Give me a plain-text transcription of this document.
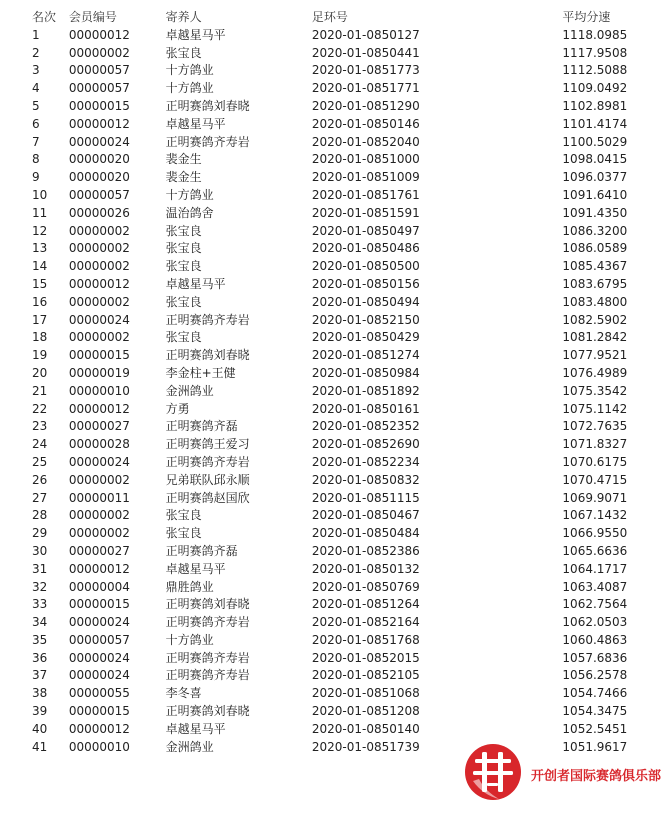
名次	会员编号	寄养人	足环号	平均分速
1	00000012	卓越星马平	2020-01-0850127	1118.0985
2	00000002	张宝良	2020-01-0850441	1117.9508
3	00000057	十方鸽业	2020-01-0851773	1112.5088
4	00000057	十方鸽业	2020-01-0851771	1109.0492
5	00000015	正明赛鸽刘春晓	2020-01-0851290	1102.8981
6	00000012	卓越星马平	2020-01-0850146	1101.4174
7	00000024	正明赛鸽齐寿岩	2020-01-0852040	1100.5029
8	00000020	裴金生	2020-01-0851000	1098.0415
9	00000020	裴金生	2020-01-0851009	1096.0377
10	00000057	十方鸽业	2020-01-0851761	1091.6410
11	00000026	温治鸽舍	2020-01-0851591	1091.4350
12	00000002	张宝良	2020-01-0850497	1086.3200
13	00000002	张宝良	2020-01-0850486	1086.0589
14	00000002	张宝良	2020-01-0850500	1085.4367
15	00000012	卓越星马平	2020-01-0850156	1083.6795
16	00000002	张宝良	2020-01-0850494	1083.4800
17	00000024	正明赛鸽齐寿岩	2020-01-0852150	1082.5902
18	00000002	张宝良	2020-01-0850429	1081.2842
19	00000015	正明赛鸽刘春晓	2020-01-0851274	1077.9521
20	00000019	李金柱+王健	2020-01-0850984	1076.4989
21	00000010	金洲鸽业	2020-01-0851892	1075.3542
22	00000012	方勇	2020-01-0850161	1075.1142
23	00000027	正明赛鸽齐磊	2020-01-0852352	1072.7635
24	00000028	正明赛鸽王爱习	2020-01-0852690	1071.8327
25	00000024	正明赛鸽齐寿岩	2020-01-0852234	1070.6175
26	00000002	兄弟联队邱永顺	2020-01-0850832	1070.4715
27	00000011	正明赛鸽赵国欣	2020-01-0851115	1069.9071
28	00000002	张宝良	2020-01-0850467	1067.1432
29	00000002	张宝良	2020-01-0850484	1066.9550
30	00000027	正明赛鸽齐磊	2020-01-0852386	1065.6636
31	00000012	卓越星马平	2020-01-0850132	1064.1717
32	00000004	鼎胜鸽业	2020-01-0850769	1063.4087
33	00000015	正明赛鸽刘春晓	2020-01-0851264	1062.7564
34	00000024	正明赛鸽齐寿岩	2020-01-0852164	1062.0503
35	00000057	十方鸽业	2020-01-0851768	1060.4863
36	00000024	正明赛鸽齐寿岩	2020-01-0852015	1057.6836
37	00000024	正明赛鸽齐寿岩	2020-01-0852105	1056.2578
38	00000055	李冬喜	2020-01-0851068	1054.7466
39	00000015	正明赛鸽刘春晓	2020-01-0851208	1054.3475
40	00000012	卓越星马平	2020-01-0850140	1052.5451
41	00000010	金洲鸽业	2020-01-0851739	1051.9617
开创者国际赛鸽俱乐部
